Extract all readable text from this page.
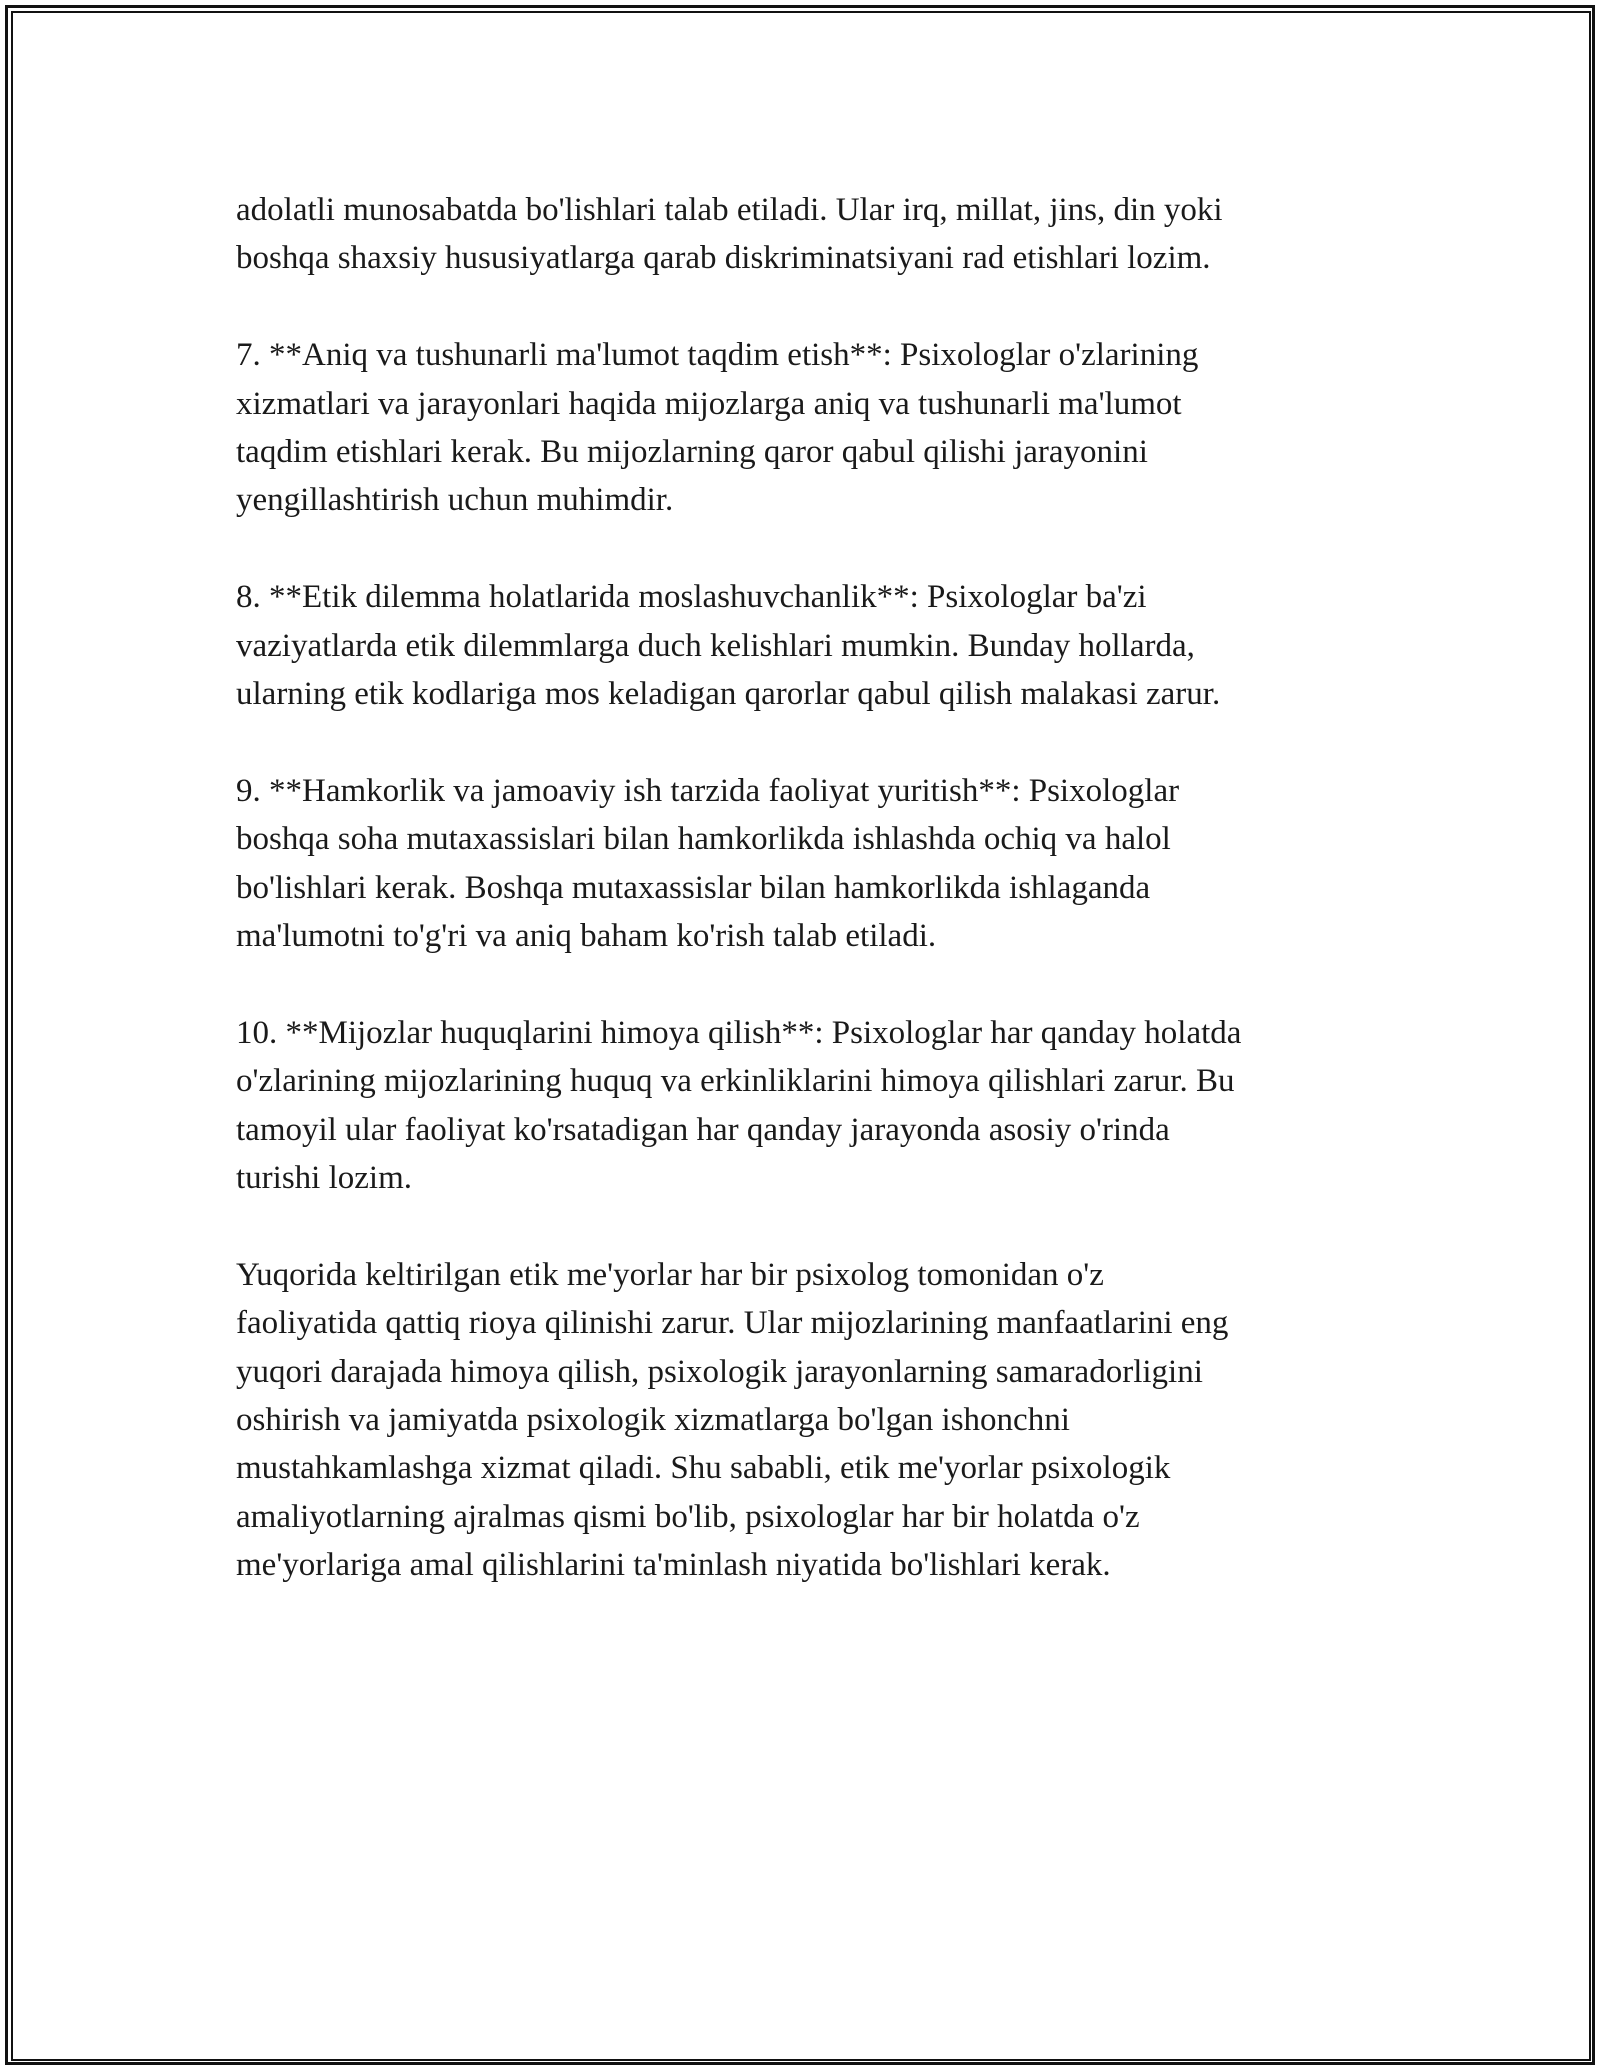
adolatli munosabatda bo'lishlari talab etiladi. Ular irq, millat, jins, din yoki
boshqa shaxsiy hususiyatlarga qarab diskriminatsiyani rad etishlari lozim.

7. **Aniq va tushunarli ma'lumot taqdim etish**: Psixologlar o'zlarining
xizmatlari va jarayonlari haqida mijozlarga aniq va tushunarli ma'lumot
taqdim etishlari kerak. Bu mijozlarning qaror qabul qilishi jarayonini
yengillashtirish uchun muhimdir.

8. **Etik dilemma holatlarida moslashuvchanlik**: Psixologlar ba'zi
vaziyatlarda etik dilemmlarga duch kelishlari mumkin. Bunday hollarda,
ularning etik kodlariga mos keladigan qarorlar qabul qilish malakasi zarur.

9. **Hamkorlik va jamoaviy ish tarzida faoliyat yuritish**: Psixologlar
boshqa soha mutaxassislari bilan hamkorlikda ishlashda ochiq va halol
bo'lishlari kerak. Boshqa mutaxassislar bilan hamkorlikda ishlaganda
ma'lumotni to'g'ri va aniq baham ko'rish talab etiladi.

10. **Mijozlar huquqlarini himoya qilish**: Psixologlar har qanday holatda
o'zlarining mijozlarining huquq va erkinliklarini himoya qilishlari zarur. Bu
tamoyil ular faoliyat ko'rsatadigan har qanday jarayonda asosiy o'rinda
turishi lozim.

Yuqorida keltirilgan etik me'yorlar har bir psixolog tomonidan o'z
faoliyatida qattiq rioya qilinishi zarur. Ular mijozlarining manfaatlarini eng
yuqori darajada himoya qilish, psixologik jarayonlarning samaradorligini
oshirish va jamiyatda psixologik xizmatlarga bo'lgan ishonchni
mustahkamlashga xizmat qiladi. Shu sababli, etik me'yorlar psixologik
amaliyotlarning ajralmas qismi bo'lib, psixologlar har bir holatda o'z
me'yorlariga amal qilishlarini ta'minlash niyatida bo'lishlari kerak.
